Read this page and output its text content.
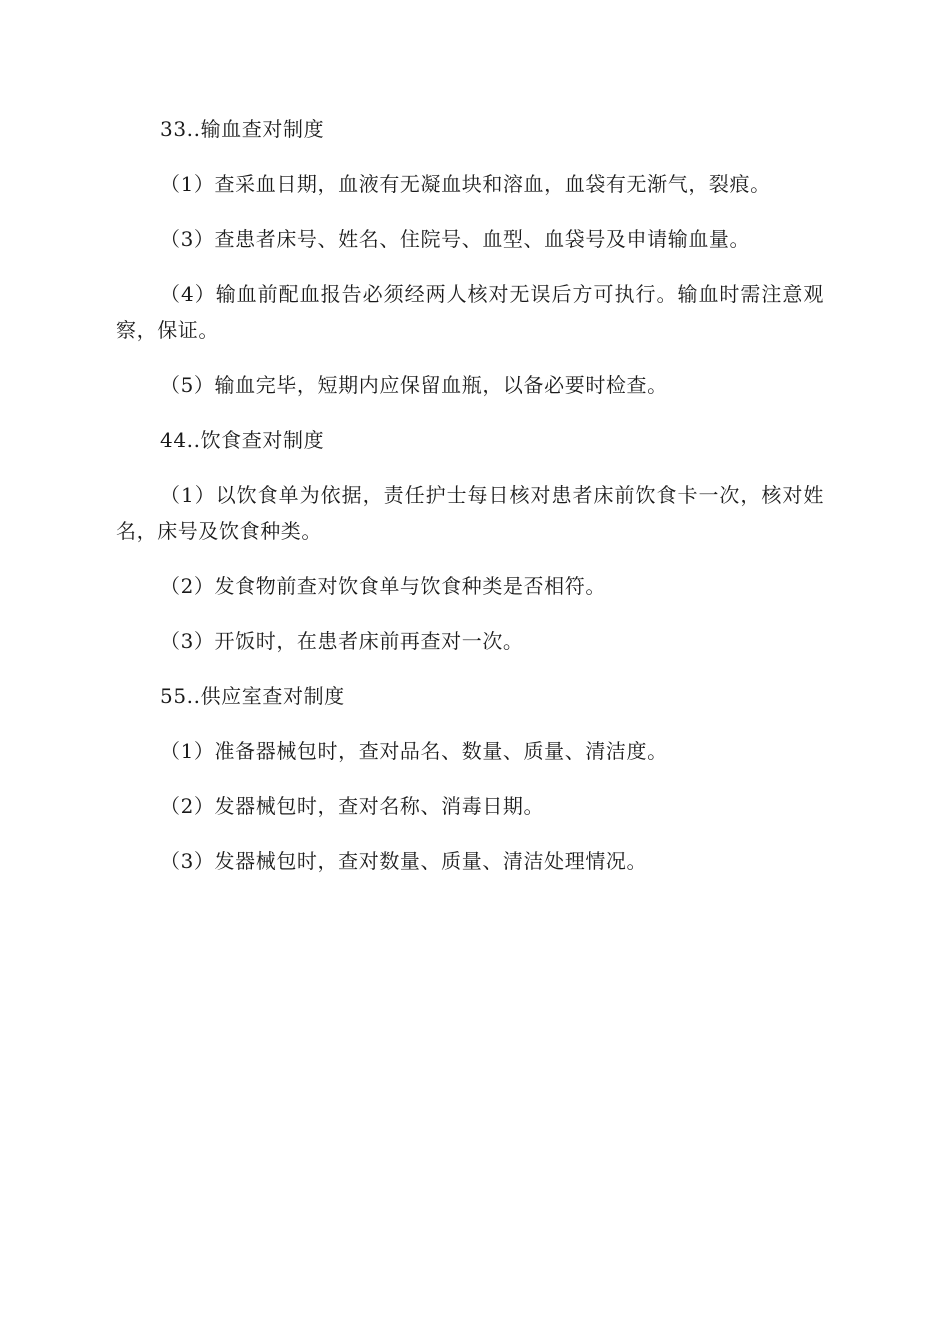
33..输血查对制度

（1）查采血日期，血液有无凝血块和溶血，血袋有无渐气，裂痕。

（3）查患者床号、姓名、住院号、血型、血袋号及申请输血量。

（4）输血前配血报告必须经两人核对无误后方可执行。输血时需注意观察，保证。

（5）输血完毕，短期内应保留血瓶，以备必要时检查。

44..饮食查对制度

（1）以饮食单为依据，责任护士每日核对患者床前饮食卡一次，核对姓名，床号及饮食种类。

（2）发食物前查对饮食单与饮食种类是否相符。

（3）开饭时，在患者床前再查对一次。

55..供应室查对制度

（1）准备器械包时，查对品名、数量、质量、清洁度。

（2）发器械包时，查对名称、消毒日期。

（3）发器械包时，查对数量、质量、清洁处理情况。
